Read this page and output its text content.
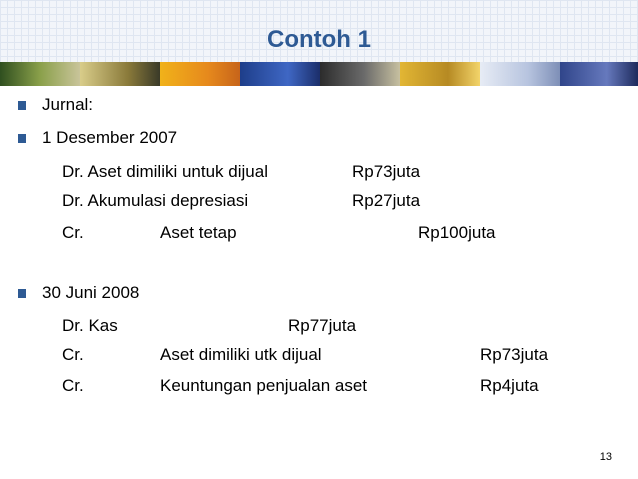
Contoh 1
Jurnal:
1 Desember 2007
Dr. Aset dimiliki untuk dijual	Rp73juta
Dr. Akumulasi depresiasi	Rp27juta
Cr.	Aset tetap	Rp100juta
30 Juni 2008
Dr. Kas	Rp77juta
Cr.	Aset dimiliki utk dijual	Rp73juta
Cr.	Keuntungan penjualan aset	Rp4juta
13
